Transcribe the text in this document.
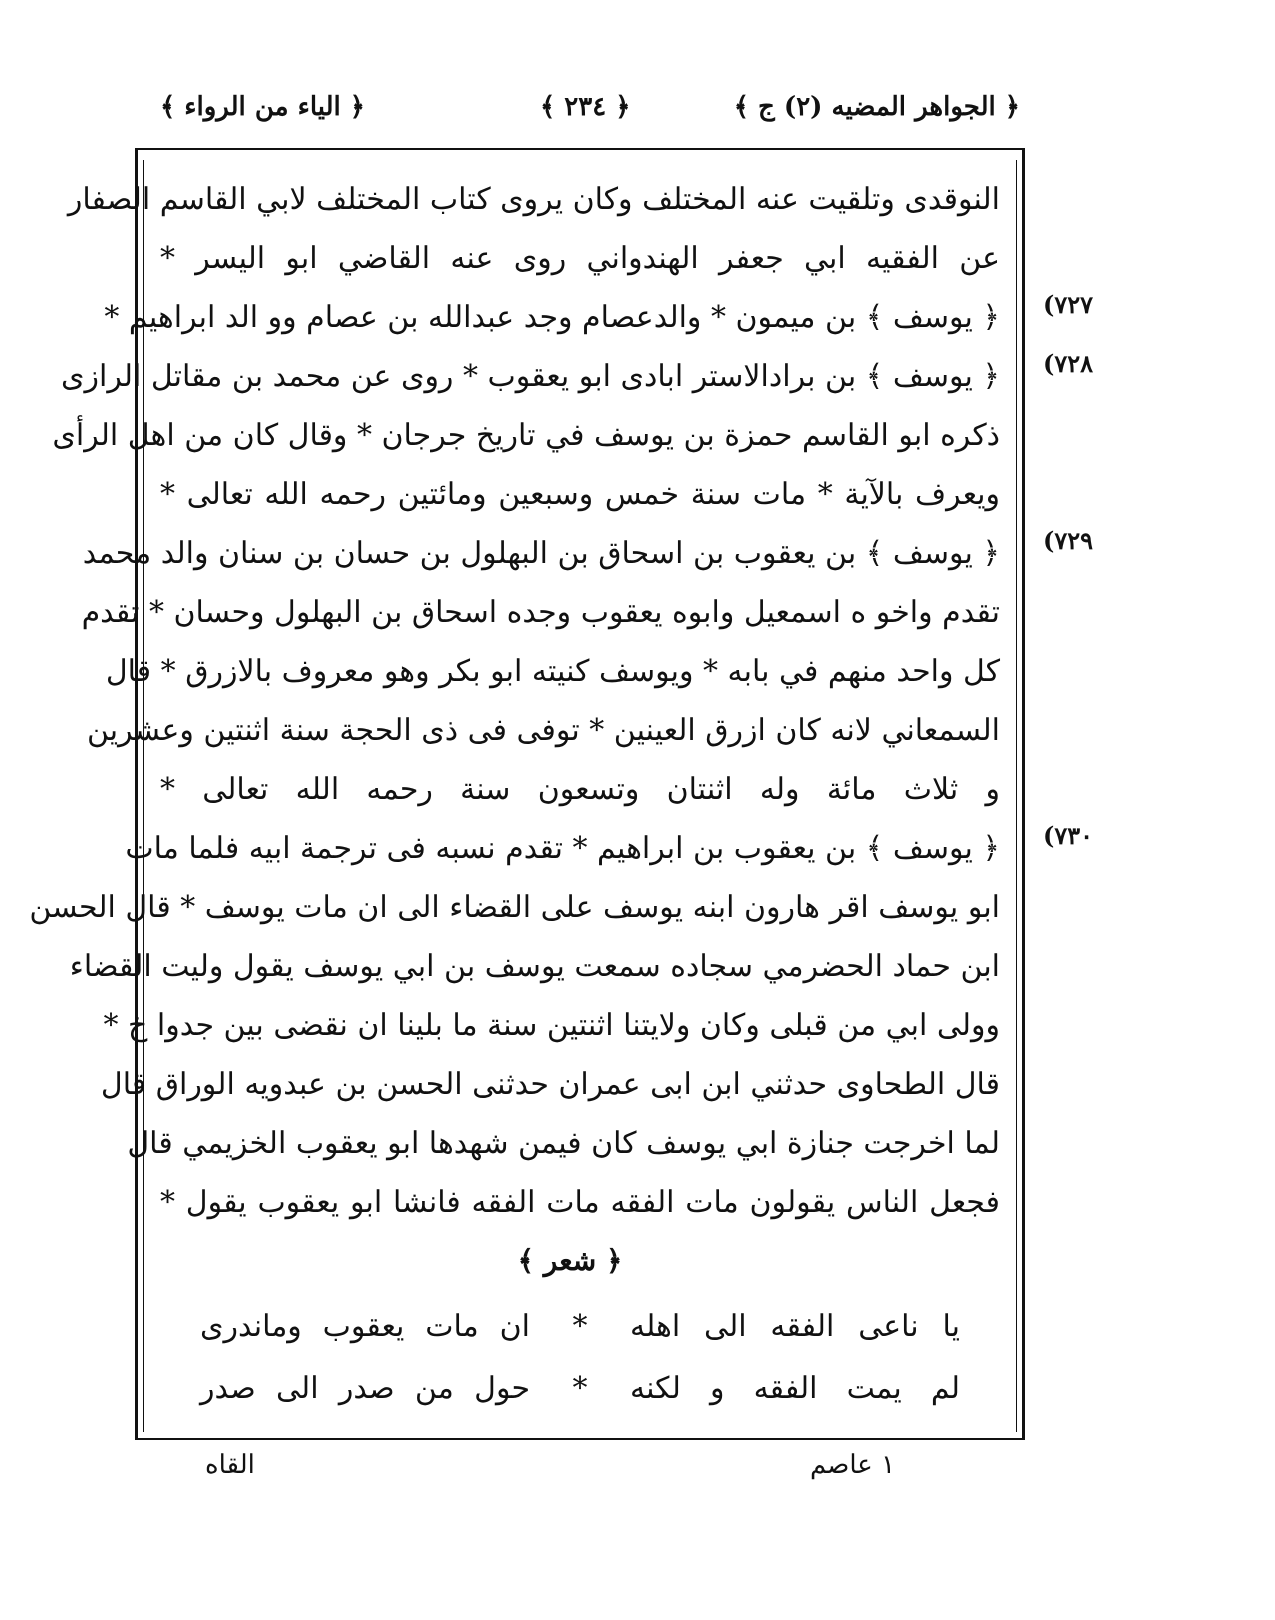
﴿ الجواهر المضيه (٢) ج ﴾
﴿ ٢٣٤ ﴾
﴿ الياء من الرواء ﴾
النوقدى وتلقيت عنه المختلف وكان يروى كتاب المختلف لابي القاسم الصفار
عن الفقيه ابي جعفر الهندواني روى عنه القاضي ابو اليسر *
﴿ يوسف ﴾ بن ميمون * والدعصام وجد عبدالله بن عصام وو الد ابراهيم *
﴿ يوسف ﴾ بن برادالاستر ابادى ابو يعقوب * روى عن محمد بن مقاتل الرازى
ذكره ابو القاسم حمزة بن يوسف في تاريخ جرجان * وقال كان من اهل الرأى
ويعرف بالآية * مات سنة خمس وسبعين ومائتين رحمه الله تعالى *
﴿ يوسف ﴾ بن يعقوب بن اسحاق بن البهلول بن حسان بن سنان والد محمد
تقدم واخو ه اسمعيل وابوه يعقوب وجده اسحاق بن البهلول وحسان * تقدم
كل واحد منهم في بابه * ويوسف كنيته ابو بكر وهو معروف بالازرق * قال
السمعاني لانه كان ازرق العينين * توفى فى ذى الحجة سنة اثنتين وعشرين
و ثلاث مائة وله اثنتان وتسعون سنة رحمه الله تعالى *
﴿ يوسف ﴾ بن يعقوب بن ابراهيم * تقدم نسبه فى ترجمة ابيه فلما مات
ابو يوسف اقر هارون ابنه يوسف على القضاء الى ان مات يوسف * قال الحسن
ابن حماد الحضرمي سجاده سمعت يوسف بن ابي يوسف يقول وليت القضاء
وولى ابي من قبلى وكان ولايتنا اثنتين سنة ما بلينا ان نقضى بين جدوا خ *
قال الطحاوى حدثني ابن ابى عمران حدثنى الحسن بن عبدويه الوراق قال
لما اخرجت جنازة ابي يوسف كان فيمن شهدها ابو يعقوب الخزيمي قال
فجعل الناس يقولون مات الفقه مات الفقه فانشا ابو يعقوب يقول *
(٧٢٧
(٧٢٨
(٧٢٩
(٧٣٠
﴿ شعر ﴾
يا ناعى الفقه الى اهله
*
ان مات يعقوب وماندرى
لم يمت الفقه و لكنه
*
حول من صدر الى صدر
١ عاصم
القاه
